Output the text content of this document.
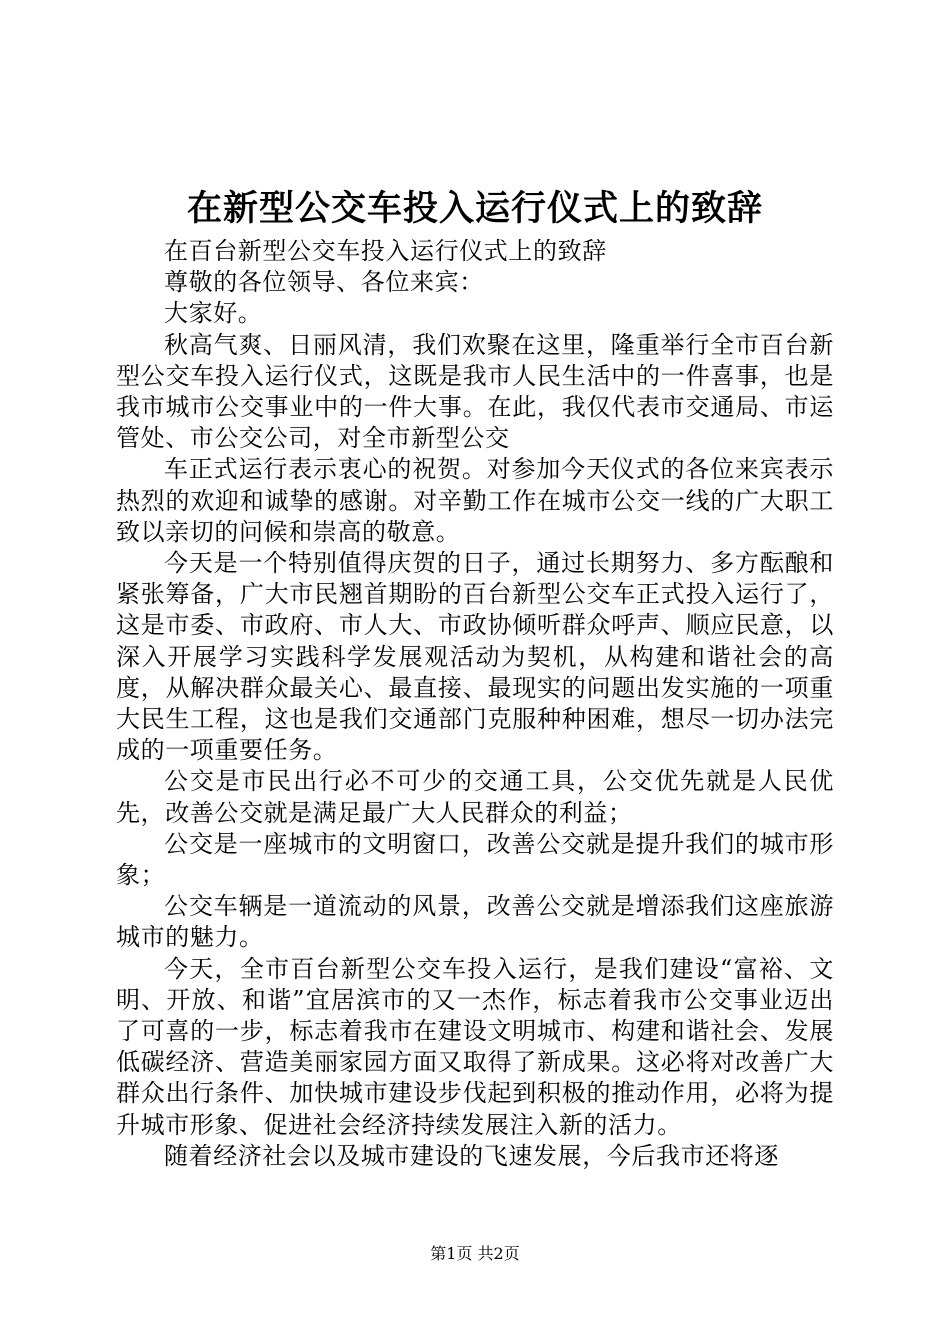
在新型公交车投入运行仪式上的致辞

在百台新型公交车投入运行仪式上的致辞

尊敬的各位领导、各位来宾：

大家好。

秋高气爽、日丽风清，我们欢聚在这里，隆重举行全市百台新型公交车投入运行仪式，这既是我市人民生活中的一件喜事，也是我市城市公交事业中的一件大事。在此，我仅代表市交通局、市运管处、市公交公司，对全市新型公交

车正式运行表示衷心的祝贺。对参加今天仪式的各位来宾表示热烈的欢迎和诚挚的感谢。对辛勤工作在城市公交一线的广大职工致以亲切的问候和崇高的敬意。

今天是一个特别值得庆贺的日子，通过长期努力、多方酝酿和紧张筹备，广大市民翘首期盼的百台新型公交车正式投入运行了，这是市委、市政府、市人大、市政协倾听群众呼声、顺应民意，以深入开展学习实践科学发展观活动为契机，从构建和谐社会的高度，从解决群众最关心、最直接、最现实的问题出发实施的一项重大民生工程，这也是我们交通部门克服种种困难，想尽一切办法完成的一项重要任务。

公交是市民出行必不可少的交通工具，公交优先就是人民优先，改善公交就是满足最广大人民群众的利益；

公交是一座城市的文明窗口，改善公交就是提升我们的城市形象；

公交车辆是一道流动的风景，改善公交就是增添我们这座旅游城市的魅力。

今天，全市百台新型公交车投入运行，是我们建设“富裕、文明、开放、和谐”宜居滨市的又一杰作，标志着我市公交事业迈出了可喜的一步，标志着我市在建设文明城市、构建和谐社会、发展低碳经济、营造美丽家园方面又取得了新成果。这必将对改善广大群众出行条件、加快城市建设步伐起到积极的推动作用，必将为提升城市形象、促进社会经济持续发展注入新的活力。

随着经济社会以及城市建设的飞速发展，今后我市还将逐

第1页 共2页
